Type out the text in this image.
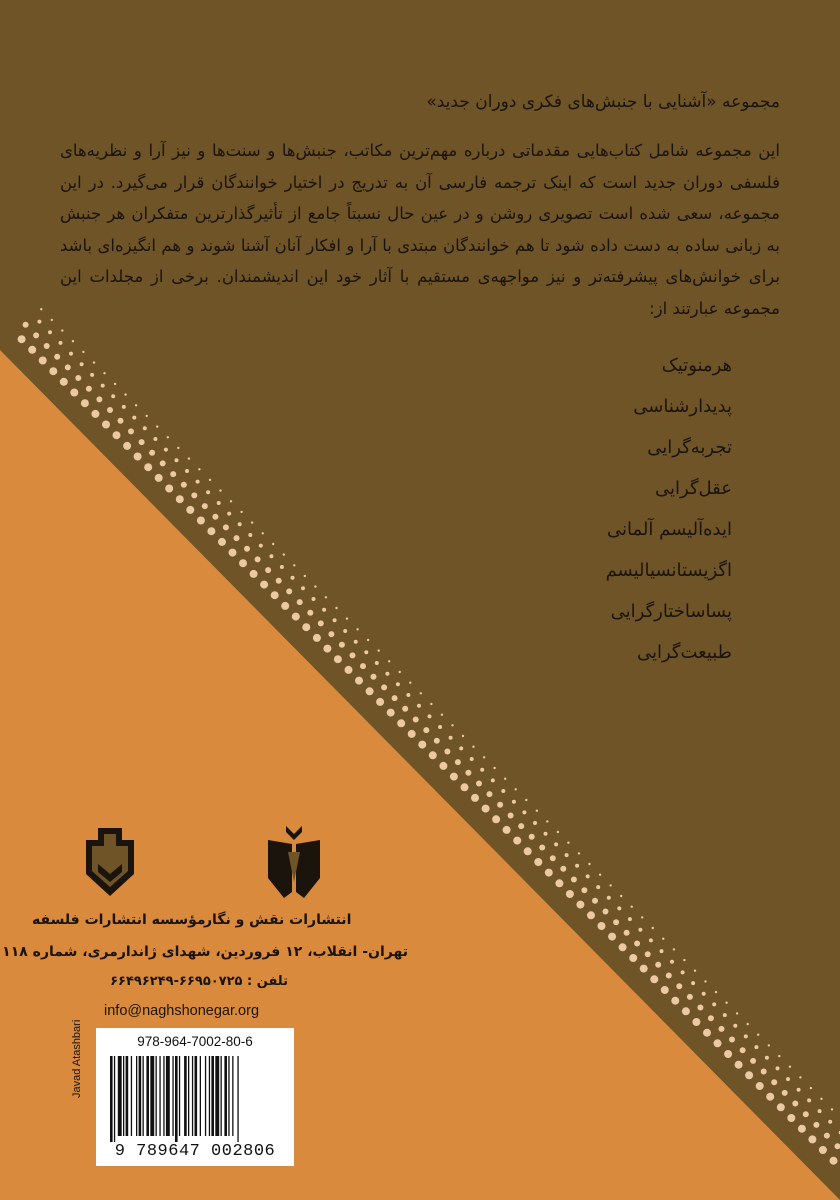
مجموعه «آشنایی با جنبش‌های فکری دوران جدید»
این مجموعه شامل کتاب‌هایی مقدماتی درباره مهم‌ترین مکاتب، جنبش‌ها و سنت‌ها و نیز آرا و نظریه‌های فلسفی دوران جدید است که اینک ترجمه فارسی آن به تدریج در اختیار خوانندگان قرار می‌گیرد. در این مجموعه، سعی شده است تصویری روشن و در عین حال نسبتاً جامع از تأثیرگذارترین متفکران هر جنبش به زبانی ساده به دست داده شود تا هم خوانندگان مبتدی با آرا و افکار آنان آشنا شوند و هم انگیزه‌ای باشد برای خوانش‌های پیشرفته‌تر و نیز مواجهه‌ی مستقیم با آثار خود این اندیشمندان. برخی از مجلدات این مجموعه عبارتند از:
هرمنوتیک
پدیدارشناسی
تجربه‌گرایی
عقل‌گرایی
ایده‌آلیسم آلمانی
اگزیستانسیالیسم
پساساختارگرایی
طبیعت‌گرایی
انتشارات نقش و نگار
مؤسسه انتشارات فلسفه
تهران- انقلاب، ۱۲ فروردین، شهدای ژاندارمری، شماره ۱۱۸
تلفن : ۶۶۹۵۰۷۲۵-۶۶۴۹۶۲۴۹
info@naghshonegar.org
Javad Atashbari	978-964-7002-80-6
9 789647 002806
